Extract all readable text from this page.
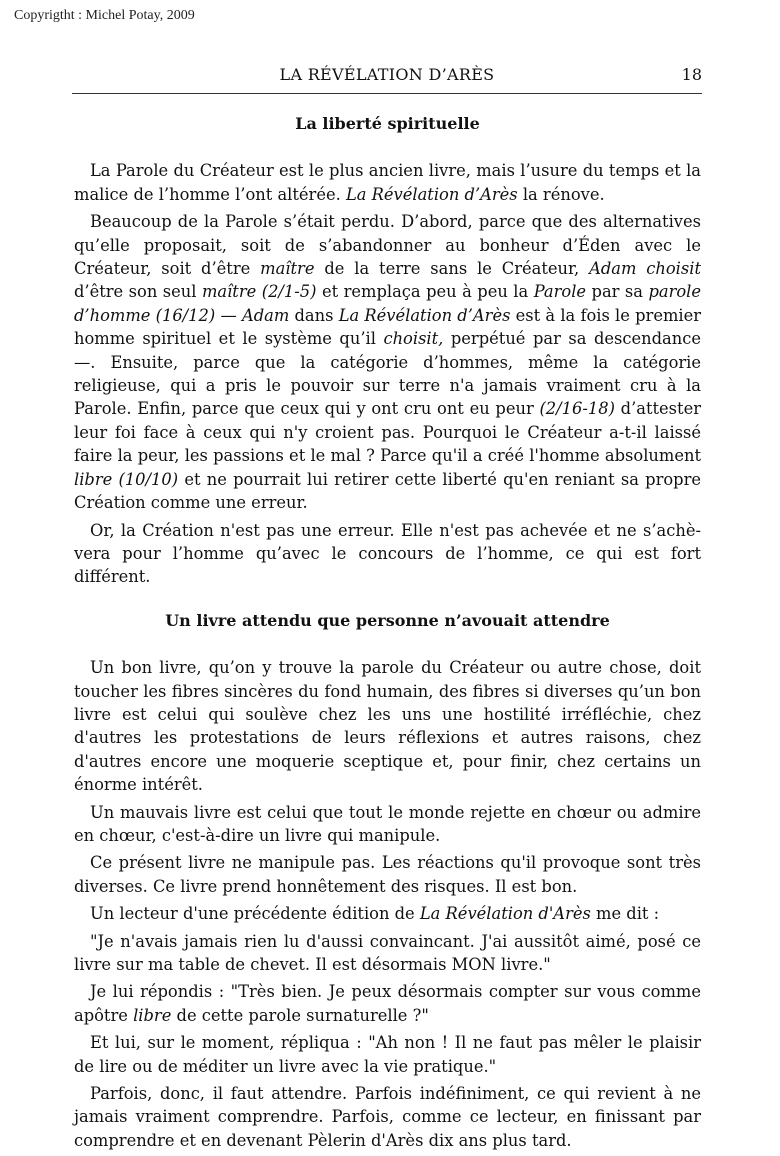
Copyrigtht : Michel Potay, 2009
LA RÉVÉLATION D’ARÈS	18
La liberté spirituelle

La Parole du Créateur est le plus ancien livre, mais l’usure du temps et la malice de l’homme l’ont altérée. La Révélation d’Arès la rénove.

Beaucoup de la Parole s’était perdu. D’abord, parce que des alternatives qu’elle proposait, soit de s’abandonner au bonheur d’Éden avec le Créateur, soit d’être maître de la terre sans le Créateur, Adam choisit d’être son seul maître (2/1-5) et remplaça peu à peu la Parole par sa parole d’homme (16/12) — Adam dans La Révélation d’Arès est à la fois le premier homme spirituel et le système qu’il choisit, perpétué par sa descendance —. Ensuite, parce que la catégorie d’hommes, même la catégorie religieuse, qui a pris le pouvoir sur terre n'a jamais vraiment cru à la Parole. Enfin, parce que ceux qui y ont cru ont eu peur (2/16-18) d’attester leur foi face à ceux qui n'y croient pas. Pourquoi le Créateur a-t-il laissé faire la peur, les passions et le mal ? Parce qu'il a créé l'homme absolument libre (10/10) et ne pourrait lui retirer cette liberté qu'en reniant sa propre Création comme une erreur.

Or, la Création n'est pas une erreur. Elle n'est pas achevée et ne s’achèvera pour l’homme qu’avec le concours de l’homme, ce qui est fort différent.

Un livre attendu que personne n’avouait attendre

Un bon livre, qu’on y trouve la parole du Créateur ou autre chose, doit toucher les fibres sincères du fond humain, des fibres si diverses qu’un bon livre est celui qui soulève chez les uns une hostilité irréfléchie, chez d'autres les protestations de leurs réflexions et autres raisons, chez d'autres encore une moquerie sceptique et, pour finir, chez certains un énorme intérêt.

Un mauvais livre est celui que tout le monde rejette en chœur ou admire en chœur, c'est-à-dire un livre qui manipule.

Ce présent livre ne manipule pas. Les réactions qu'il provoque sont très diverses. Ce livre prend honnêtement des risques. Il est bon.

Un lecteur d'une précédente édition de La Révélation d'Arès me dit :

"Je n'avais jamais rien lu d'aussi convaincant. J'ai aussitôt aimé, posé ce livre sur ma table de chevet. Il est désormais MON livre."

Je lui répondis : "Très bien. Je peux désormais compter sur vous comme apôtre libre de cette parole surnaturelle ?"

Et lui, sur le moment, répliqua : "Ah non ! Il ne faut pas mêler le plaisir de lire ou de méditer un livre avec la vie pratique."

Parfois, donc, il faut attendre. Parfois indéfiniment, ce qui revient à ne jamais vraiment comprendre. Parfois, comme ce lecteur, en finissant par comprendre et en devenant Pèlerin d'Arès dix ans plus tard.
